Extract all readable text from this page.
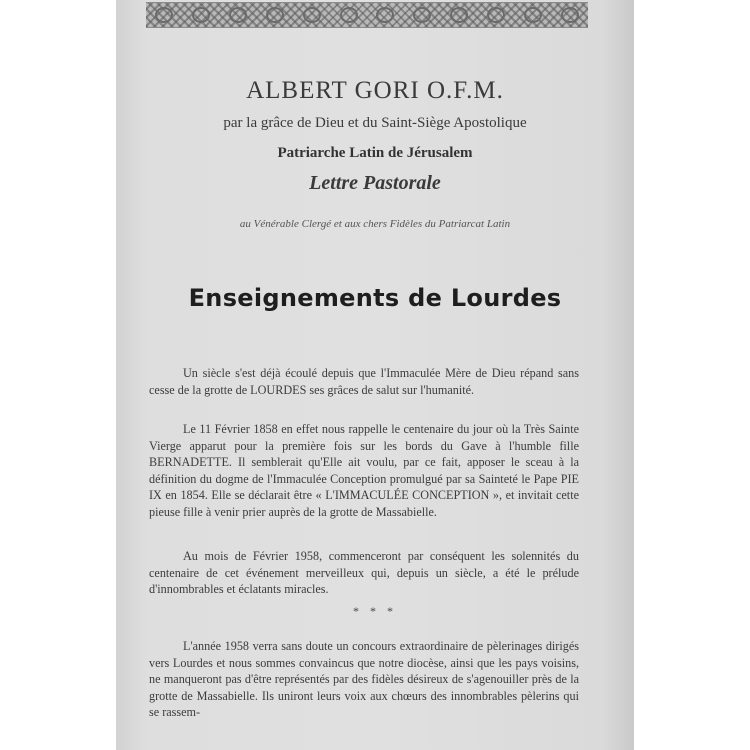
ALBERT GORI O.F.M.
par la grâce de Dieu et du Saint-Siège Apostolique
Patriarche Latin de Jérusalem
Lettre Pastorale
au Vénérable Clergé et aux chers Fidèles du Patriarcat Latin
Enseignements de Lourdes

Un siècle s'est déjà écoulé depuis que l'Immaculée Mère de Dieu répand sans cesse de la grotte de LOURDES ses grâces de salut sur l'humanité.

Le 11 Février 1858 en effet nous rappelle le centenaire du jour où la Très Sainte Vierge apparut pour la première fois sur les bords du Gave à l'humble fille BERNADETTE. Il semblerait qu'Elle ait voulu, par ce fait, apposer le sceau à la définition du dogme de l'Immaculée Conception promulgué par sa Sainteté le Pape PIE IX en 1854. Elle se déclarait être « L'IMMACULÉE CONCEPTION », et invitait cette pieuse fille à venir prier auprès de la grotte de Massabielle.

Au mois de Février 1958, commenceront par conséquent les solennités du centenaire de cet événement merveilleux qui, depuis un siècle, a été le prélude d'innombrables et éclatants miracles.

* * *

L'année 1958 verra sans doute un concours extraordinaire de pèlerinages dirigés vers Lourdes et nous sommes convaincus que notre diocèse, ainsi que les pays voisins, ne manqueront pas d'être représentés par des fidèles désireux de s'agenouiller près de la grotte de Massabielle. Ils uniront leurs voix aux chœurs des innombrables pèlerins qui se rassem-
